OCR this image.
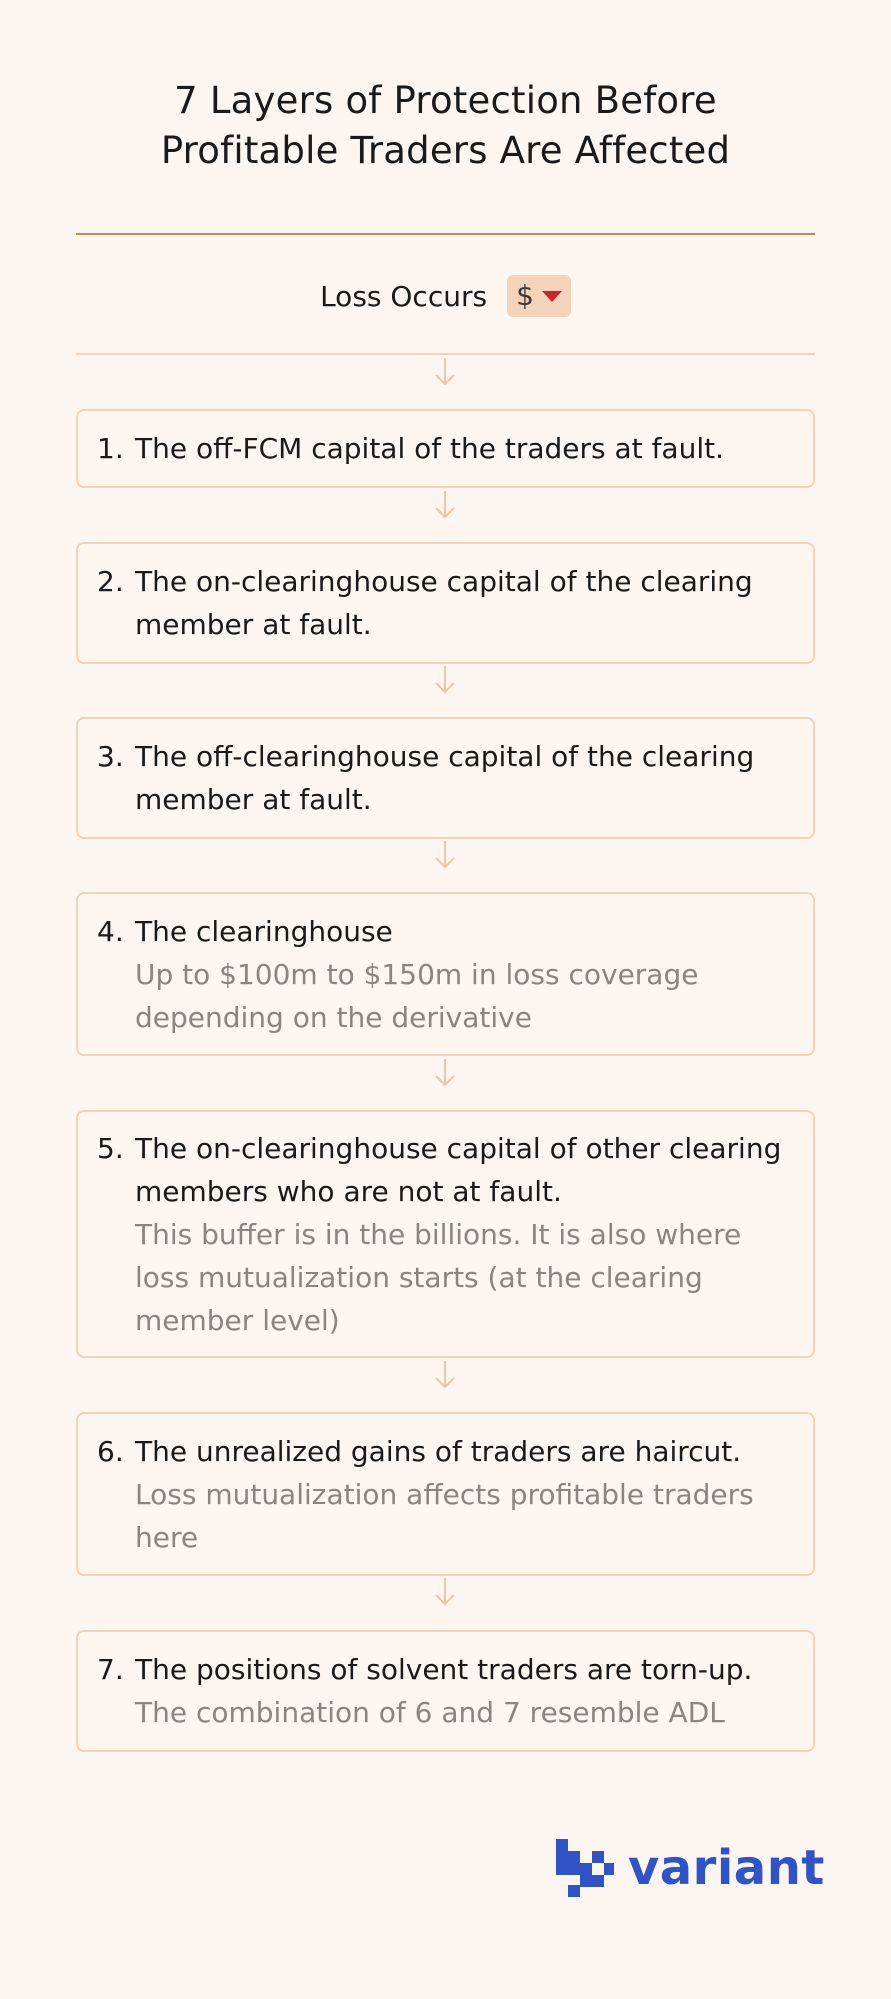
7 Layers of Protection Before
Profitable Traders Are Affected
Loss Occurs $
1. The off-FCM capital of the traders at fault.
2. The on-clearinghouse capital of the clearing member at fault.
3. The off-clearinghouse capital of the clearing member at fault.
4. The clearinghouse
Up to $100m to $150m in loss coverage depending on the derivative
5. The on-clearinghouse capital of other clearing members who are not at fault.
This buffer is in the billions. It is also where loss mutualization starts (at the clearing member level)
6. The unrealized gains of traders are haircut.
Loss mutualization affects profitable traders here
7. The positions of solvent traders are torn-up.
The combination of 6 and 7 resemble ADL
variant
